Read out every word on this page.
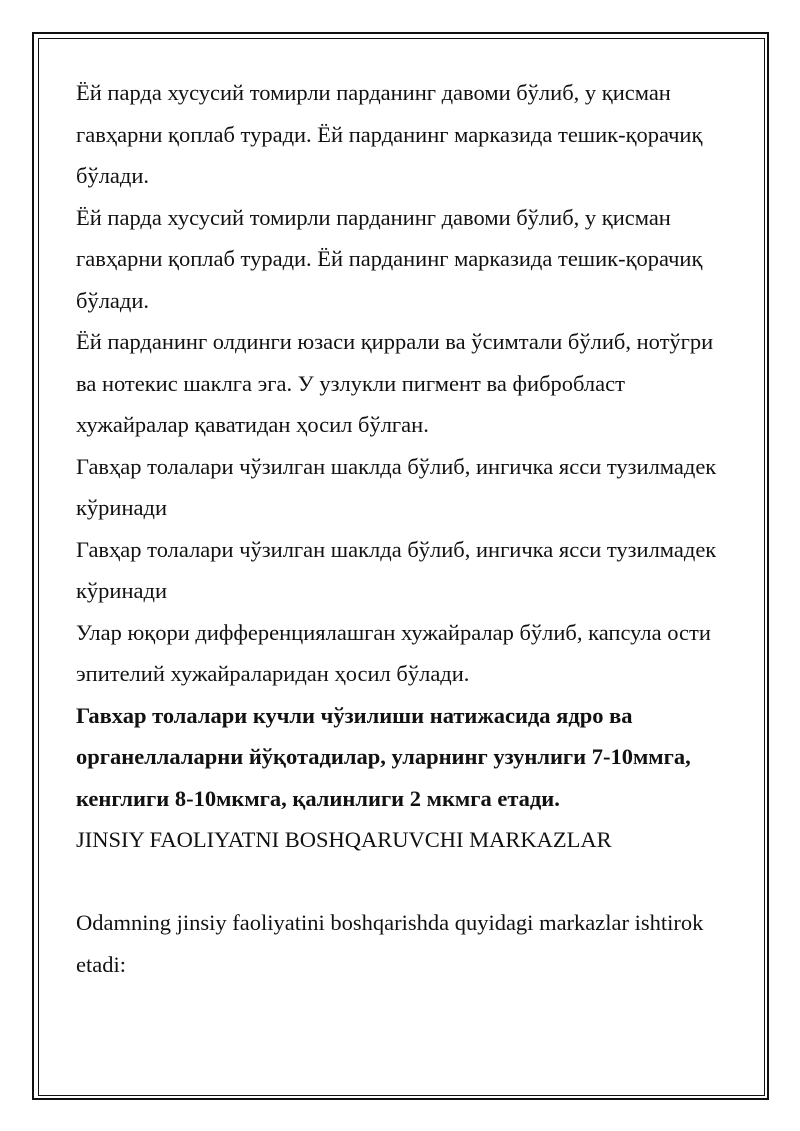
Ёй парда хусусий томирли парданинг давоми бўлиб, у қисман гавҳарни қоплаб туради. Ёй парданинг марказида тешик-қорачиқ бўлади.

Ёй парда хусусий томирли парданинг давоми бўлиб, у қисман гавҳарни қоплаб туради. Ёй парданинг марказида тешик-қорачиқ бўлади.

Ёй парданинг олдинги юзаси қиррали ва ўсимтали бўлиб, нотўгри ва нотекис шаклга эга. У узлукли пигмент ва фибробласт хужайралар қаватидан ҳосил бўлган.

Гавҳар толалари чўзилган шаклда бўлиб, ингичка ясси тузилмадек кўринади

Гавҳар толалари чўзилган шаклда бўлиб, ингичка ясси тузилмадек кўринади

Улар юқори дифференциялашган хужайралар бўлиб, капсула ости эпителий хужайраларидан ҳосил бўлади.

Гавхар толалари кучли чўзилиши натижасида ядро ва органеллаларни йўқотадилар, уларнинг узунлиги 7-10ммга, кенглиги 8-10мкмга, қалинлиги 2 мкмга етади.

JINSIY FAOLIYATNI BOSHQARUVCHI MARKAZLAR

Odamning jinsiy faoliyatini boshqarishda quyidagi markazlar ishtirok etadi:
